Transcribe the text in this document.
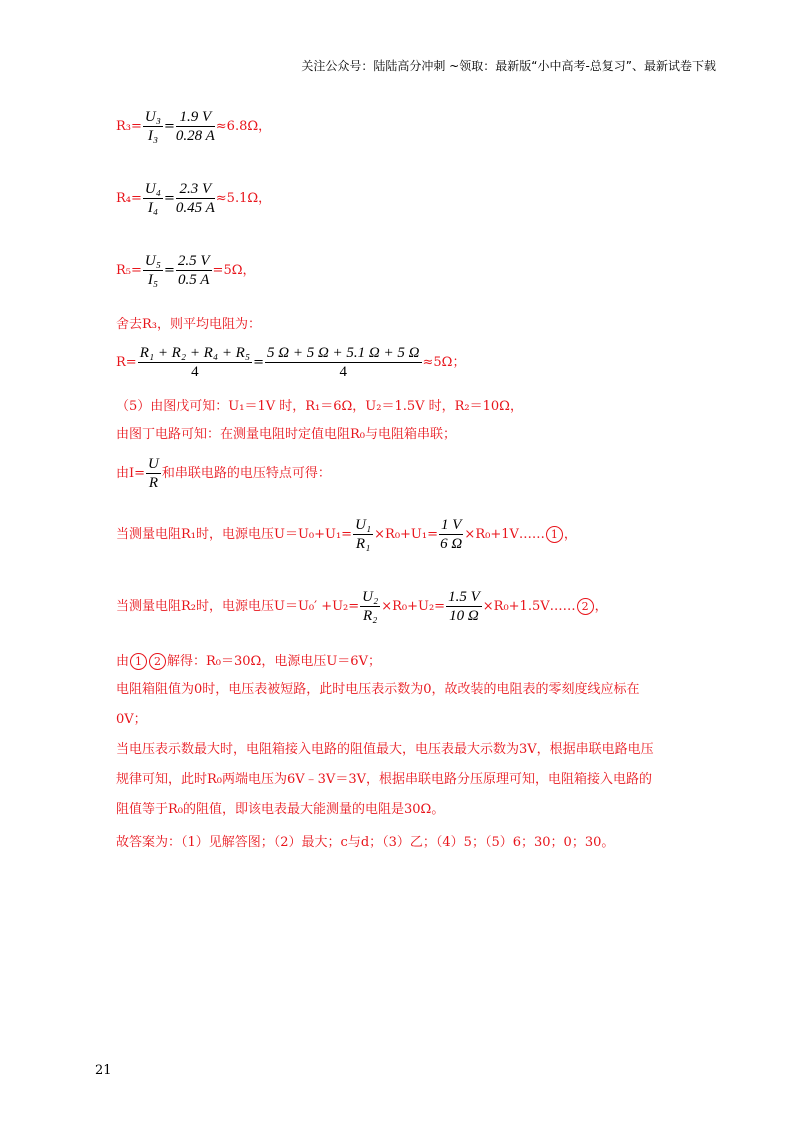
关注公众号：陆陆高分冲刺 ~领取：最新版“小中高考-总复习”、最新试卷下载
$R_3= \frac{\text{U₃}}{\text{I₃}} = \frac{1.9 V}{0.28 A} \approx 6.8\Omega$，
$R_4= \frac{\text{U₄}}{\text{I₄}} = \frac{2.3 V}{0.45 A} \approx 5.1\Omega$，
$R_5= \frac{\text{U₅}}{\text{I₅}} = \frac{2.5 V}{0.5 A} =5\Omega$，
舍去R₃，则平均电阻为：
$R= \frac{\text{R₁ + R₂ + R₄ + R₅}}{4} = \frac{5 \Omega + 5 \Omega + 5.1 \Omega + 5 \Omega}{4} \approx 5\Omega$；
（5）由图戊可知：U₁＝1V 时，R₁＝6Ω，U₂＝1.5V 时，R₂＝10Ω，
由图丁电路可知：在测量电阻时定值电阻R₀与电阻箱串联；
由$I= \frac{U}{R}$ 和串联电路的电压特点可得：
当测量电阻R₁时，电源电压$U=U_0+U_1= \frac{\text{U₁}}{\text{R₁}} \times R_0+U_1= \frac{1 V}{6 \Omega}$ ×R₀+1V…… 1 ，
当测量电阻R₂时，电源电压$U=U_0' +U_2= \frac{\text{U₂}}{\text{R₂}} \times R_0+U_2= \frac{1.5 V}{10 \Omega}$ ×R₀+1.5V…… 2 ，
由 1 2 解得：R₀＝30Ω，电源电压U＝6V；
电阻箱阻值为0时，电压表被短路，此时电压表示数为0，故改装的电阻表的零刻度线应标在
0V；
当电压表示数最大时，电阻箱接入电路的阻值最大，电压表最大示数为3V，根据串联电路电压
规律可知，此时R₀两端电压为6V﹣3V＝3V，根据串联电路分压原理可知，电阻箱接入电路的
阻值等于R₀的阻值，即该电表最大能测量的电阻是30Ω。
故答案为：（1）见解答图；（2）最大；c与d；（3）乙；（4）5；（5）6；30；0；30。
21
